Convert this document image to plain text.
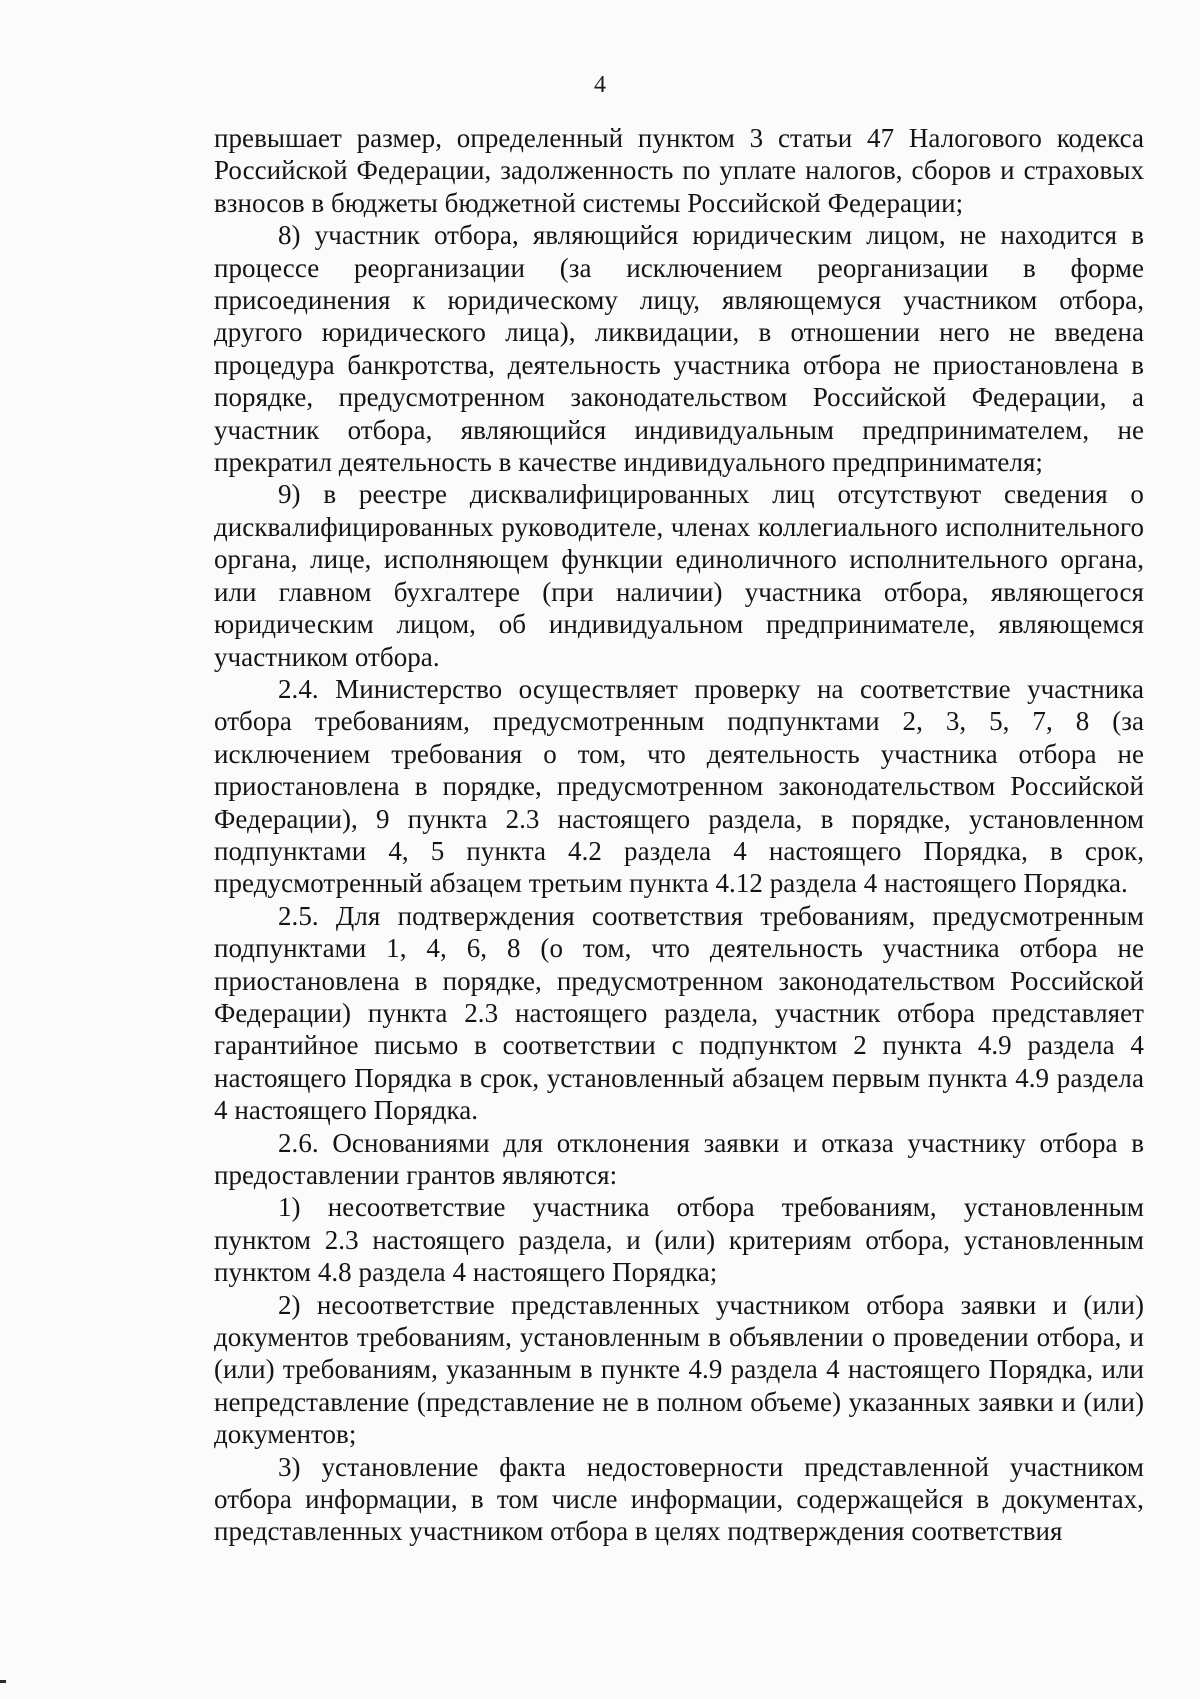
4

превышает размер, определенный пунктом 3 статьи 47 Налогового кодекса Российской Федерации, задолженность по уплате налогов, сборов и страховых взносов в бюджеты бюджетной системы Российской Федерации;

8) участник отбора, являющийся юридическим лицом, не находится в процессе реорганизации (за исключением реорганизации в форме присоединения к юридическому лицу, являющемуся участником отбора, другого юридического лица), ликвидации, в отношении него не введена процедура банкротства, деятельность участника отбора не приостановлена в порядке, предусмотренном законодательством Российской Федерации, а участник отбора, являющийся индивидуальным предпринимателем, не прекратил деятельность в качестве индивидуального предпринимателя;

9) в реестре дисквалифицированных лиц отсутствуют сведения о дисквалифицированных руководителе, членах коллегиального исполнительного органа, лице, исполняющем функции единоличного исполнительного органа, или главном бухгалтере (при наличии) участника отбора, являющегося юридическим лицом, об индивидуальном предпринимателе, являющемся участником отбора.

2.4. Министерство осуществляет проверку на соответствие участника отбора требованиям, предусмотренным подпунктами 2, 3, 5, 7, 8 (за исключением требования о том, что деятельность участника отбора не приостановлена в порядке, предусмотренном законодательством Российской Федерации), 9 пункта 2.3 настоящего раздела, в порядке, установленном подпунктами 4, 5 пункта 4.2 раздела 4 настоящего Порядка, в срок, предусмотренный абзацем третьим пункта 4.12 раздела 4 настоящего Порядка.

2.5. Для подтверждения соответствия требованиям, предусмотренным подпунктами 1, 4, 6, 8 (о том, что деятельность участника отбора не приостановлена в порядке, предусмотренном законодательством Российской Федерации) пункта 2.3 настоящего раздела, участник отбора представляет гарантийное письмо в соответствии с подпунктом 2 пункта 4.9 раздела 4 настоящего Порядка в срок, установленный абзацем первым пункта 4.9 раздела 4 настоящего Порядка.

2.6. Основаниями для отклонения заявки и отказа участнику отбора в предоставлении грантов являются:

1) несоответствие участника отбора требованиям, установленным пунктом 2.3 настоящего раздела, и (или) критериям отбора, установленным пунктом 4.8 раздела 4 настоящего Порядка;

2) несоответствие представленных участником отбора заявки и (или) документов требованиям, установленным в объявлении о проведении отбора, и (или) требованиям, указанным в пункте 4.9 раздела 4 настоящего Порядка, или непредставление (представление не в полном объеме) указанных заявки и (или) документов;

3) установление факта недостоверности представленной участником отбора информации, в том числе информации, содержащейся в документах, представленных участником отбора в целях подтверждения соответствия
